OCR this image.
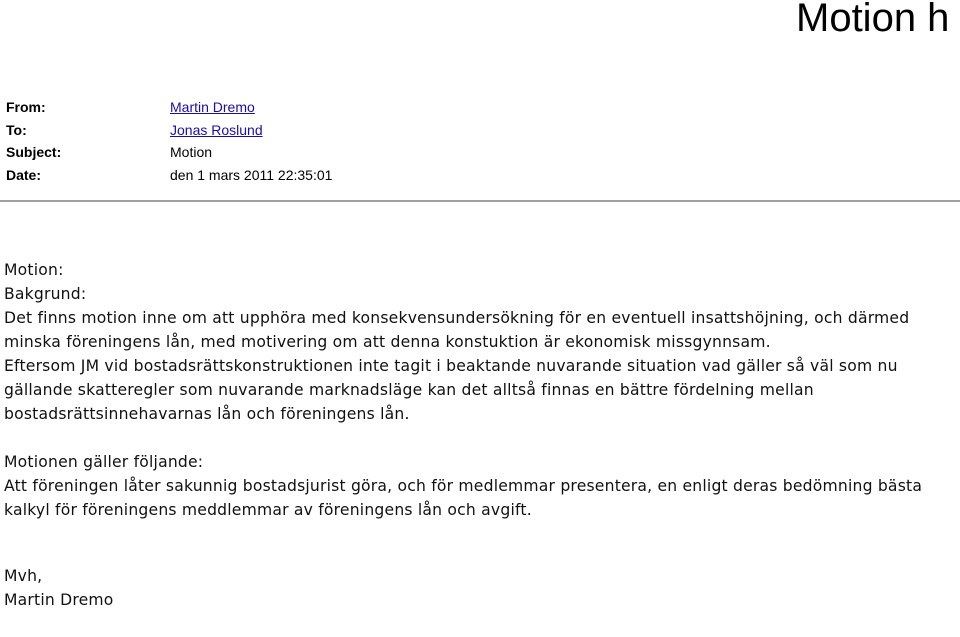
Motion h
From:	Martin Dremo
To:	Jonas Roslund
Subject:	Motion
Date:	den 1 mars 2011 22:35:01

Motion:

Bakgrund:

Det finns motion inne om att upphöra med konsekvensundersökning för en eventuell insattshöjning, och därmed minska föreningens lån, med motivering om att denna konstuktion är ekonomisk missgynnsam.

Eftersom JM vid bostadsrättskonstruktionen inte tagit i beaktande nuvarande situation vad gäller så väl som nu gällande skatteregler som nuvarande marknadsläge kan det alltså finnas en bättre fördelning mellan bostadsrättsinnehavarnas lån och föreningens lån.

Motionen gäller följande:

Att föreningen låter sakunnig bostadsjurist göra, och för medlemmar presentera, en enligt deras bedömning bästa kalkyl för föreningens meddlemmar av föreningens lån och avgift.

Mvh,

Martin Dremo
